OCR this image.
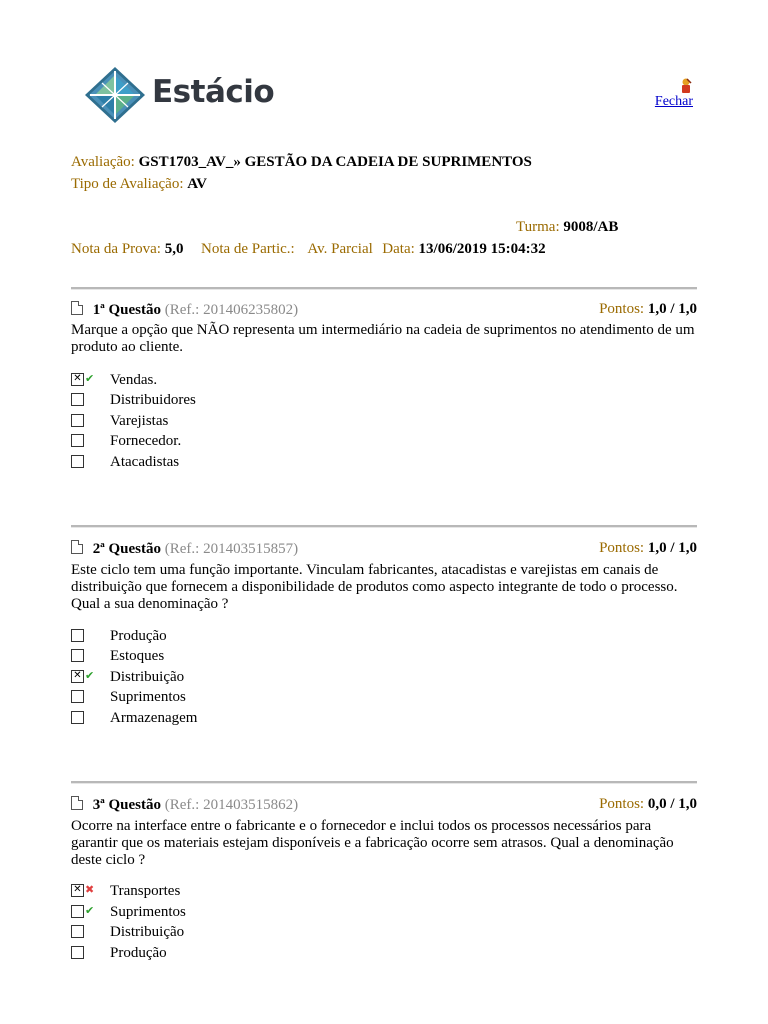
Estácio	Fechar
Avaliação: GST1703_AV_» GESTÃO DA CADEIA DE SUPRIMENTOS
Tipo de Avaliação: AV
Turma: 9008/AB
Nota da Prova: 5,0 Nota de Partic.: Av. Parcial Data: 13/06/2019 15:04:32
1ª Questão (Ref.: 201406235802)	Pontos: 1,0 / 1,0
Marque a opção que NÃO representa um intermediário na cadeia de suprimentos no atendimento de um produto ao cliente.
✕ ✔ Vendas.
Distribuidores
Varejistas
Fornecedor.
Atacadistas
2ª Questão (Ref.: 201403515857)	Pontos: 1,0 / 1,0
Este ciclo tem uma função importante. Vinculam fabricantes, atacadistas e varejistas em canais de distribuição que fornecem a disponibilidade de produtos como aspecto integrante de todo o processo. Qual a sua denominação ?
Produção
Estoques
✕ ✔ Distribuição
Suprimentos
Armazenagem
3ª Questão (Ref.: 201403515862)	Pontos: 0,0 / 1,0
Ocorre na interface entre o fabricante e o fornecedor e inclui todos os processos necessários para garantir que os materiais estejam disponíveis e a fabricação ocorre sem atrasos. Qual a denominação deste ciclo ?
✕ ✖ Transportes
✔ Suprimentos
Distribuição
Produção
